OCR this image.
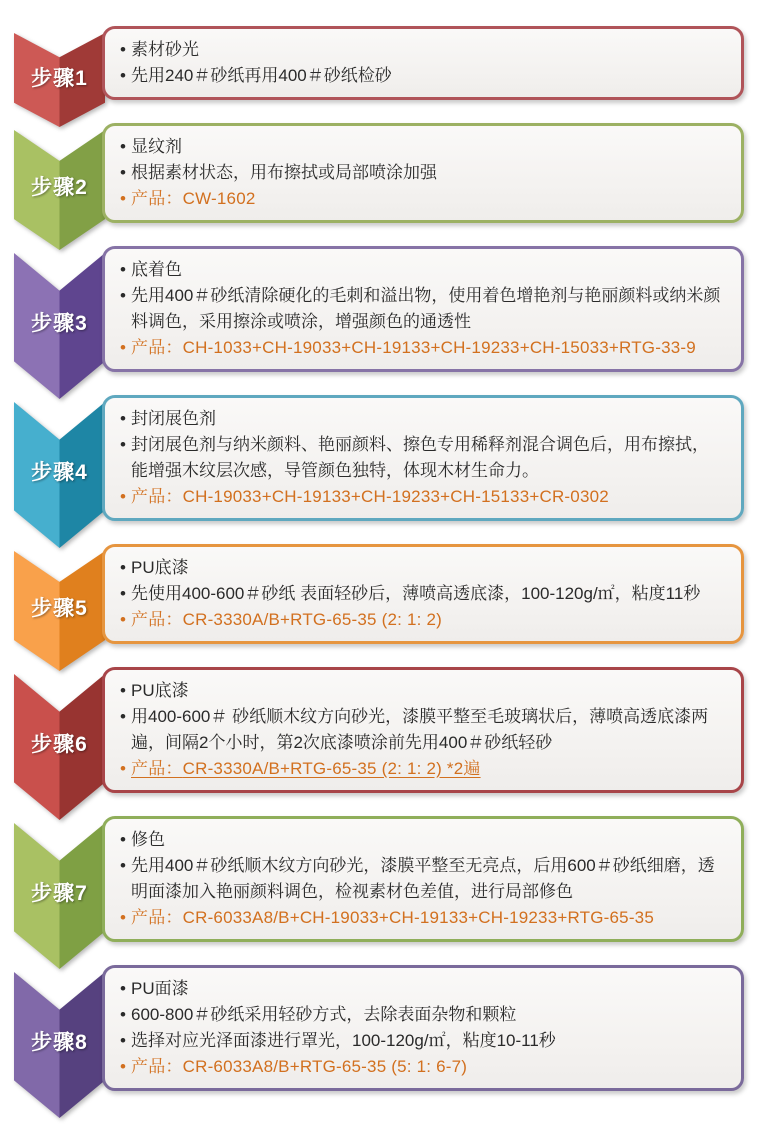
步骤1
• 素材砂光
• 先用240＃砂纸再用400＃砂纸检砂
步骤2
• 显纹剂
• 根据素材状态，用布擦拭或局部喷涂加强
• 产品：CW-1602
步骤3
• 底着色
• 先用400＃砂纸清除硬化的毛刺和溢出物，使用着色增艳剂与艳丽颜料或纳米颜料调色，采用擦涂或喷涂，增强颜色的通透性
• 产品：CH-1033+CH-19033+CH-19133+CH-19233+CH-15033+RTG-33-9
步骤4
• 封闭展色剂
• 封闭展色剂与纳米颜料、艳丽颜料、擦色专用稀释剂混合调色后，用布擦拭，能增强木纹层次感，导管颜色独特，体现木材生命力。
• 产品：CH-19033+CH-19133+CH-19233+CH-15133+CR-0302
步骤5
• PU底漆
• 先使用400-600＃砂纸 表面轻砂后，薄喷高透底漆，100-120g/㎡，粘度11秒
• 产品：CR-3330A/B+RTG-65-35 (2: 1: 2)
步骤6
• PU底漆
• 用400-600＃ 砂纸顺木纹方向砂光，漆膜平整至毛玻璃状后，薄喷高透底漆两遍，间隔2个小时，第2次底漆喷涂前先用400＃砂纸轻砂
• 产品：CR-3330A/B+RTG-65-35 (2: 1: 2) *2遍
步骤7
• 修色
• 先用400＃砂纸顺木纹方向砂光，漆膜平整至无亮点，后用600＃砂纸细磨，透明面漆加入艳丽颜料调色，检视素材色差值，进行局部修色
• 产品：CR-6033A8/B+CH-19033+CH-19133+CH-19233+RTG-65-35
步骤8
• PU面漆
• 600-800＃砂纸采用轻砂方式，去除表面杂物和颗粒
• 选择对应光泽面漆进行罩光，100-120g/㎡，粘度10-11秒
• 产品：CR-6033A8/B+RTG-65-35 (5: 1: 6-7)
